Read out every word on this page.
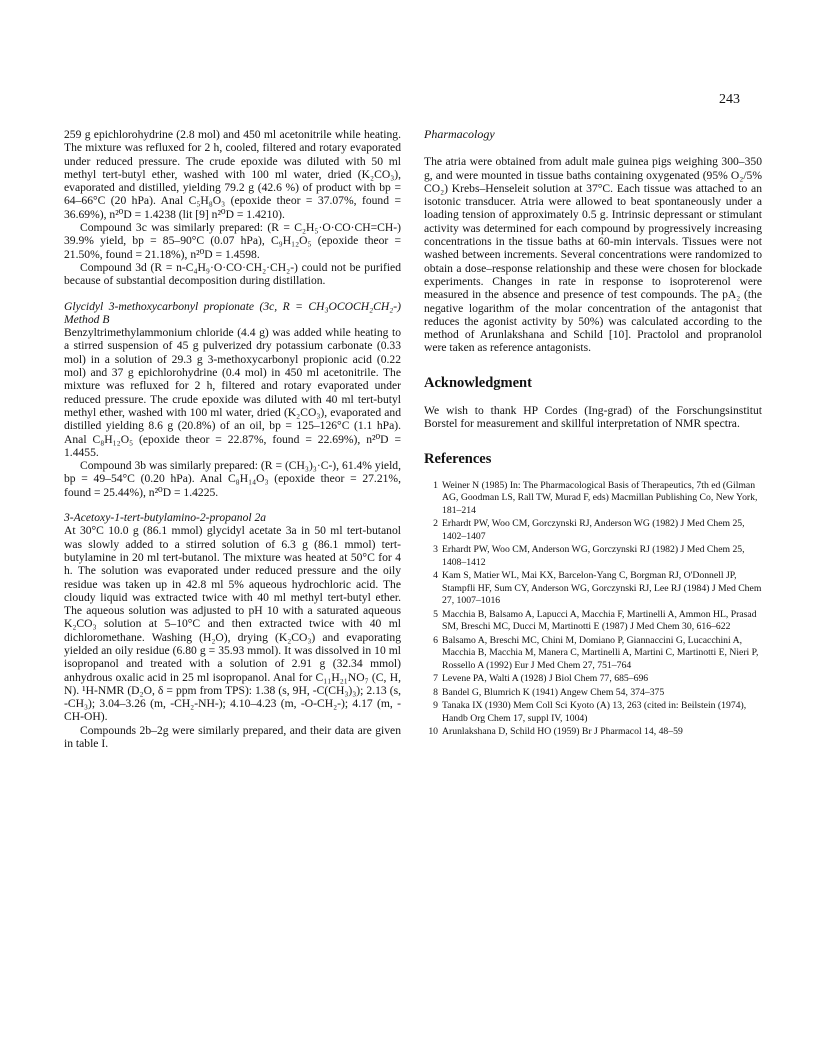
243

259 g epichlorohydrine (2.8 mol) and 450 ml acetonitrile while heating. The mixture was refluxed for 2 h, cooled, filtered and rotary evaporated under reduced pressure. The crude epoxide was diluted with 50 ml methyl tert-butyl ether, washed with 100 ml water, dried (K₂CO₃), evaporated and distilled, yielding 79.2 g (42.6 %) of product with bp = 64–66°C (20 hPa). Anal C₅H₈O₃ (epoxide theor = 37.07%, found = 36.69%), n²⁰D = 1.4238 (lit [9] n²⁰D = 1.4210).

Compound 3c was similarly prepared: (R = C₂H₅·O·CO·CH=CH-) 39.9% yield, bp = 85–90°C (0.07 hPa), C₉H₁₂O₅ (epoxide theor = 21.50%, found = 21.18%), n²⁰D = 1.4598.

Compound 3d (R = n-C₄H₉·O·CO·CH₂·CH₂-) could not be purified because of substantial decomposition during distillation.

Glycidyl 3-methoxycarbonyl propionate (3c, R = CH₃OCOCH₂CH₂-) Method B

Benzyltrimethylammonium chloride (4.4 g) was added while heating to a stirred suspension of 45 g pulverized dry potassium carbonate (0.33 mol) in a solution of 29.3 g 3-methoxycarbonyl propionic acid (0.22 mol) and 37 g epichlorohydrine (0.4 mol) in 450 ml acetonitrile. The mixture was refluxed for 2 h, filtered and rotary evaporated under reduced pressure. The crude epoxide was diluted with 40 ml tert-butyl methyl ether, washed with 100 ml water, dried (K₂CO₃), evaporated and distilled yielding 8.6 g (20.8%) of an oil, bp = 125–126°C (1.1 hPa). Anal C₈H₁₂O₅ (epoxide theor = 22.87%, found = 22.69%), n²⁰D = 1.4455.

Compound 3b was similarly prepared: (R = (CH₃)₃·C-), 61.4% yield, bp = 49–54°C (0.20 hPa). Anal C₈H₁₄O₃ (epoxide theor = 27.21%, found = 25.44%), n²⁰D = 1.4225.

3-Acetoxy-1-tert-butylamino-2-propanol 2a

At 30°C 10.0 g (86.1 mmol) glycidyl acetate 3a in 50 ml tert-butanol was slowly added to a stirred solution of 6.3 g (86.1 mmol) tert-butylamine in 20 ml tert-butanol. The mixture was heated at 50°C for 4 h. The solution was evaporated under reduced pressure and the oily residue was taken up in 42.8 ml 5% aqueous hydrochloric acid. The cloudy liquid was extracted twice with 40 ml methyl tert-butyl ether. The aqueous solution was adjusted to pH 10 with a saturated aqueous K₂CO₃ solution at 5–10°C and then extracted twice with 40 ml dichloromethane. Washing (H₂O), drying (K₂CO₃) and evaporating yielded an oily residue (6.80 g = 35.93 mmol). It was dissolved in 10 ml isopropanol and treated with a solution of 2.91 g (32.34 mmol) anhydrous oxalic acid in 25 ml isopropanol. Anal for C₁₁H₂₁NO₇ (C, H, N). ¹H-NMR (D₂O, δ = ppm from TPS): 1.38 (s, 9H, -C(CH₃)₃); 2.13 (s, -CH₃); 3.04–3.26 (m, -CH₂-NH-); 4.10–4.23 (m, -O-CH₂-); 4.17 (m, -CH-OH).

Compounds 2b–2g were similarly prepared, and their data are given in table I.

Pharmacology

The atria were obtained from adult male guinea pigs weighing 300–350 g, and were mounted in tissue baths containing oxygenated (95% O₂/5% CO₂) Krebs–Henseleit solution at 37°C. Each tissue was attached to an isotonic transducer. Atria were allowed to beat spontaneously under a loading tension of approximately 0.5 g. Intrinsic depressant or stimulant activity was determined for each compound by progressively increasing concentrations in the tissue baths at 60-min intervals. Tissues were not washed between increments. Several concentrations were randomized to obtain a dose–response relationship and these were chosen for blockade experiments. Changes in rate in response to isoproterenol were measured in the absence and presence of test compounds. The pA₂ (the negative logarithm of the molar concentration of the antagonist that reduces the agonist activity by 50%) was calculated according to the method of Arunlakshana and Schild [10]. Practolol and propranolol were taken as reference antagonists.

Acknowledgment

We wish to thank HP Cordes (Ing-grad) of the Forschungsinstitut Borstel for measurement and skillful interpretation of NMR spectra.

References

1 Weiner N (1985) In: The Pharmacological Basis of Therapeutics, 7th ed (Gilman AG, Goodman LS, Rall TW, Murad F, eds) Macmillan Publishing Co, New York, 181–214
2 Erhardt PW, Woo CM, Gorczynski RJ, Anderson WG (1982) J Med Chem 25, 1402–1407
3 Erhardt PW, Woo CM, Anderson WG, Gorczynski RJ (1982) J Med Chem 25, 1408–1412
4 Kam S, Matier WL, Mai KX, Barcelon-Yang C, Borgman RJ, O'Donnell JP, Stampfli HF, Sum CY, Anderson WG, Gorczynski RJ, Lee RJ (1984) J Med Chem 27, 1007–1016
5 Macchia B, Balsamo A, Lapucci A, Macchia F, Martinelli A, Ammon HL, Prasad SM, Breschi MC, Ducci M, Martinotti E (1987) J Med Chem 30, 616–622
6 Balsamo A, Breschi MC, Chini M, Domiano P, Giannaccini G, Lucacchini A, Macchia B, Macchia M, Manera C, Martinelli A, Martini C, Martinotti E, Nieri P, Rossello A (1992) Eur J Med Chem 27, 751–764
7 Levene PA, Walti A (1928) J Biol Chem 77, 685–696
8 Bandel G, Blumrich K (1941) Angew Chem 54, 374–375
9 Tanaka IX (1930) Mem Coll Sci Kyoto (A) 13, 263 (cited in: Beilstein (1974), Handb Org Chem 17, suppl IV, 1004)
10 Arunlakshana D, Schild HO (1959) Br J Pharmacol 14, 48–59
